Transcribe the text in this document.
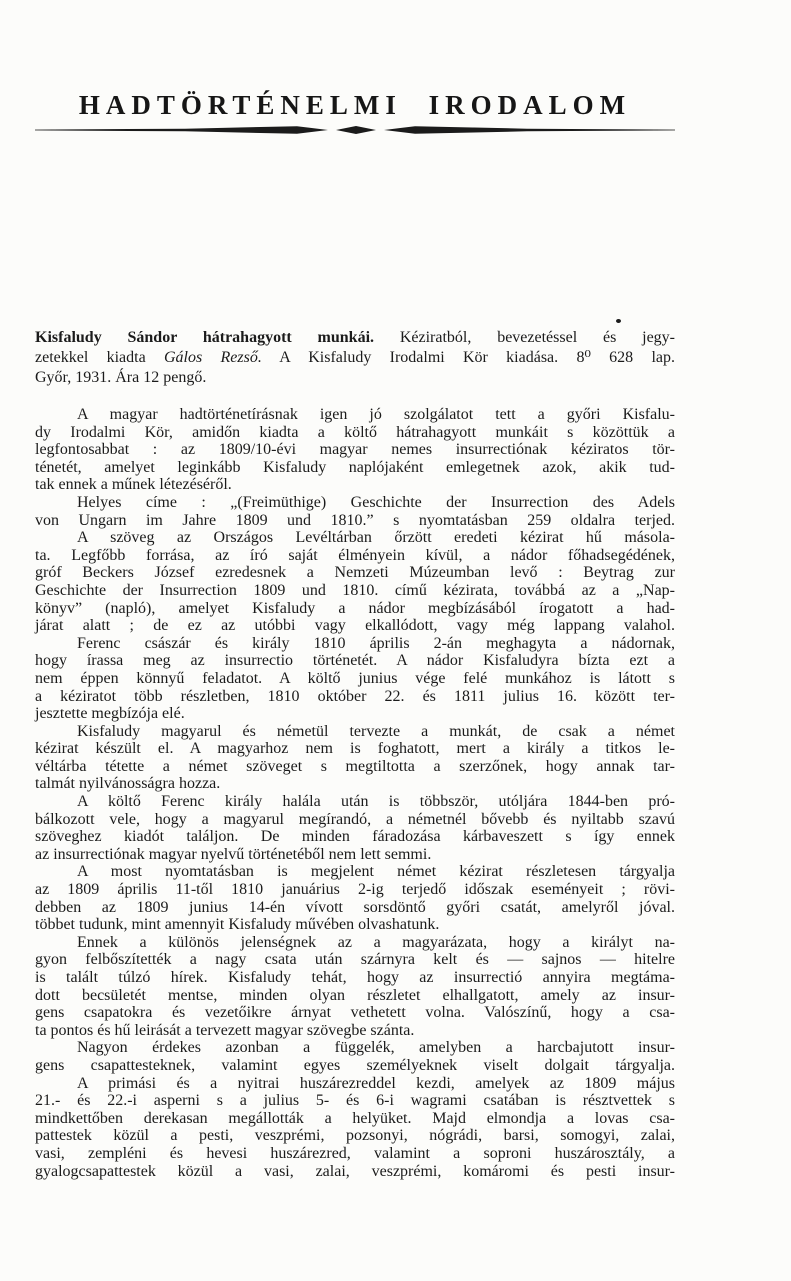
HADTÖRTÉNELMI IRODALOM
Kisfaludy Sándor hátrahagyott munkái. Kéziratból, bevezetéssel és jegy-
zetekkel kiadta Gálos Rezső. A Kisfaludy Irodalmi Kör kiadása. 8⁰ 628 lap.
Győr, 1931. Ára 12 pengő.
A magyar hadtörténetírásnak igen jó szolgálatot tett a győri Kisfalu-
dy Irodalmi Kör, amidőn kiadta a költő hátrahagyott munkáit s közöttük a
legfontosabbat : az 1809/10-évi magyar nemes insurrectiónak kéziratos tör-
ténetét, amelyet leginkább Kisfaludy naplójaként emlegetnek azok, akik tud-
tak ennek a műnek létezéséről.
Helyes címe : „(Freimüthige) Geschichte der Insurrection des Adels
von Ungarn im Jahre 1809 und 1810.” s nyomtatásban 259 oldalra terjed.
A szöveg az Országos Levéltárban őrzött eredeti kézirat hű másola-
ta. Legfőbb forrása, az író saját élményein kívül, a nádor főhadsegédének,
gróf Beckers József ezredesnek a Nemzeti Múzeumban levő : Beytrag zur
Geschichte der Insurrection 1809 und 1810. című kézirata, továbbá az a „Nap-
könyv” (napló), amelyet Kisfaludy a nádor megbízásából írogatott a had-
járat alatt ; de ez az utóbbi vagy elkallódott, vagy még lappang valahol.
Ferenc császár és király 1810 április 2-án meghagyta a nádornak,
hogy írassa meg az insurrectio történetét. A nádor Kisfaludyra bízta ezt a
nem éppen könnyű feladatot. A költő junius vége felé munkához is látott s
a kéziratot több részletben, 1810 október 22. és 1811 julius 16. között ter-
jesztette megbízója elé.
Kisfaludy magyarul és németül tervezte a munkát, de csak a német
kézirat készült el. A magyarhoz nem is foghatott, mert a király a titkos le-
véltárba tétette a német szöveget s megtiltotta a szerzőnek, hogy annak tar-
talmát nyilvánosságra hozza.
A költő Ferenc király halála után is többször, utóljára 1844-ben pró-
bálkozott vele, hogy a magyarul megírandó, a németnél bővebb és nyiltabb szavú
szöveghez kiadót találjon. De minden fáradozása kárbaveszett s így ennek
az insurrectiónak magyar nyelvű történetéből nem lett semmi.
A most nyomtatásban is megjelent német kézirat részletesen tárgyalja
az 1809 április 11-től 1810 januárius 2-ig terjedő időszak eseményeit ; rövi-
debben az 1809 junius 14-én vívott sorsdöntő győri csatát, amelyről jóval.
többet tudunk, mint amennyit Kisfaludy művében olvashatunk.
Ennek a különös jelenségnek az a magyarázata, hogy a királyt na-
gyon felbőszítették a nagy csata után szárnyra kelt és — sajnos — hitelre
is talált túlzó hírek. Kisfaludy tehát, hogy az insurrectió annyira megtáma-
dott becsületét mentse, minden olyan részletet elhallgatott, amely az insur-
gens csapatokra és vezetőikre árnyat vethetett volna. Valószínű, hogy a csa-
ta pontos és hű leirását a tervezett magyar szövegbe szánta.
Nagyon érdekes azonban a függelék, amelyben a harcbajutott insur-
gens csapattesteknek, valamint egyes személyeknek viselt dolgait tárgyalja.
A primási és a nyitrai huszárezreddel kezdi, amelyek az 1809 május
21.- és 22.-i asperni s a julius 5- és 6-i wagrami csatában is résztvettek s
mindkettőben derekasan megállották a helyüket. Majd elmondja a lovas csa-
pattestek közül a pesti, veszprémi, pozsonyi, nógrádi, barsi, somogyi, zalai,
vasi, zempléni és hevesi huszárezred, valamint a soproni huszárosztály, a
gyalogcsapattestek közül a vasi, zalai, veszprémi, komáromi és pesti insur-
